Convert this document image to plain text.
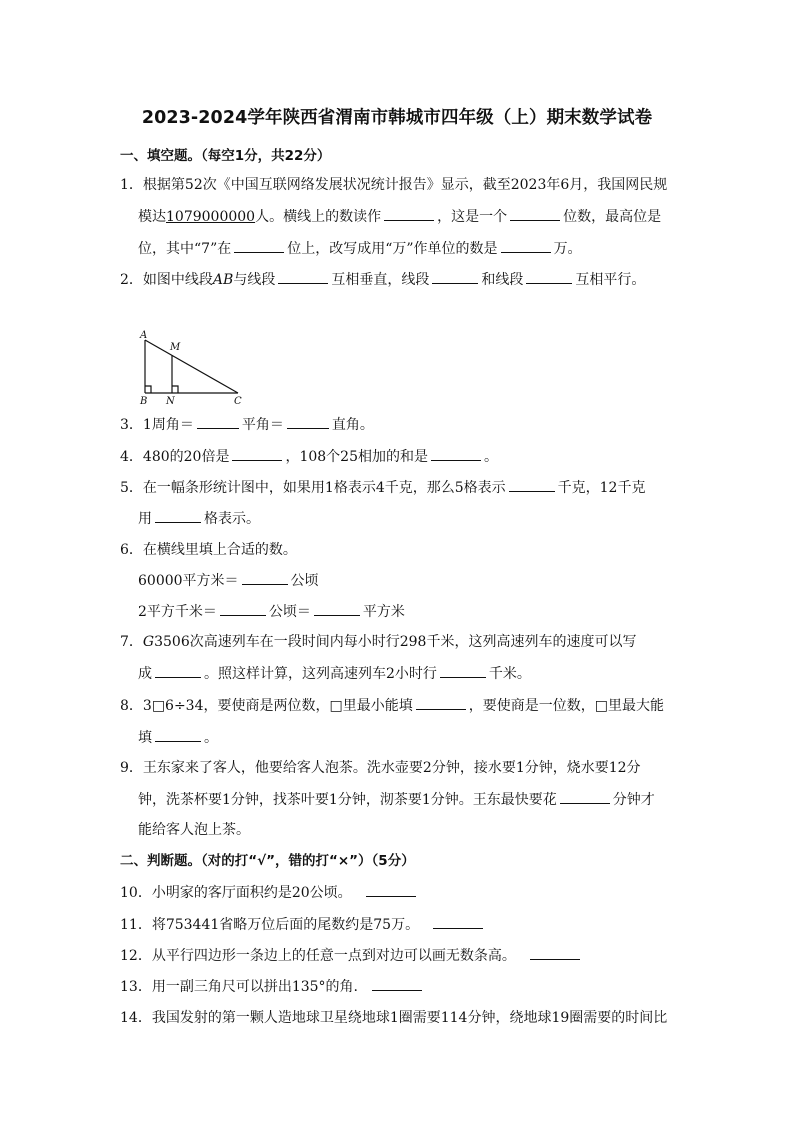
2023-2024学年陕西省渭南市韩城市四年级（上）期末数学试卷
一、填空题。（每空1分，共22分）
1．根据第52次《中国互联网络发展状况统计报告》显示，截至2023年6月，我国网民规
模达1079000000人。横线上的数读作	，这是一个	位数，最高位是
位，其中“7”在	位上，改写成用“万”作单位的数是	万。
2．如图中线段AB与线段	互相垂直，线段	和线段	互相平行。
A
M
B N	C
3．1周角＝	平角＝	直角。
4．480的20倍是	，108个25相加的和是	。
5．在一幅条形统计图中，如果用1格表示4千克，那么5格表示	千克，12千克
用	格表示。
6．在横线里填上合适的数。
60000平方米＝	公顷
2平方千米＝	公顷＝	平方米
7．G3506次高速列车在一段时间内每小时行298千米，这列高速列车的速度可以写
成	。照这样计算，这列高速列车2小时行	千米。
8．3□6÷34，要使商是两位数，□里最小能填	，要使商是一位数，□里最大能
填	。
9．王东家来了客人，他要给客人泡茶。洗水壶要2分钟，接水要1分钟，烧水要12分
钟，洗茶杯要1分钟，找茶叶要1分钟，沏茶要1分钟。王东最快要花	分钟才
能给客人泡上茶。
二、判断题。（对的打“√”，错的打“×”）（5分）
10．小明家的客厅面积约是20公顷。
11．将753441省略万位后面的尾数约是75万。
12．从平行四边形一条边上的任意一点到对边可以画无数条高。
13．用一副三角尺可以拼出135°的角.
14．我国发射的第一颗人造地球卫星绕地球1圈需要114分钟，绕地球19圈需要的时间比
